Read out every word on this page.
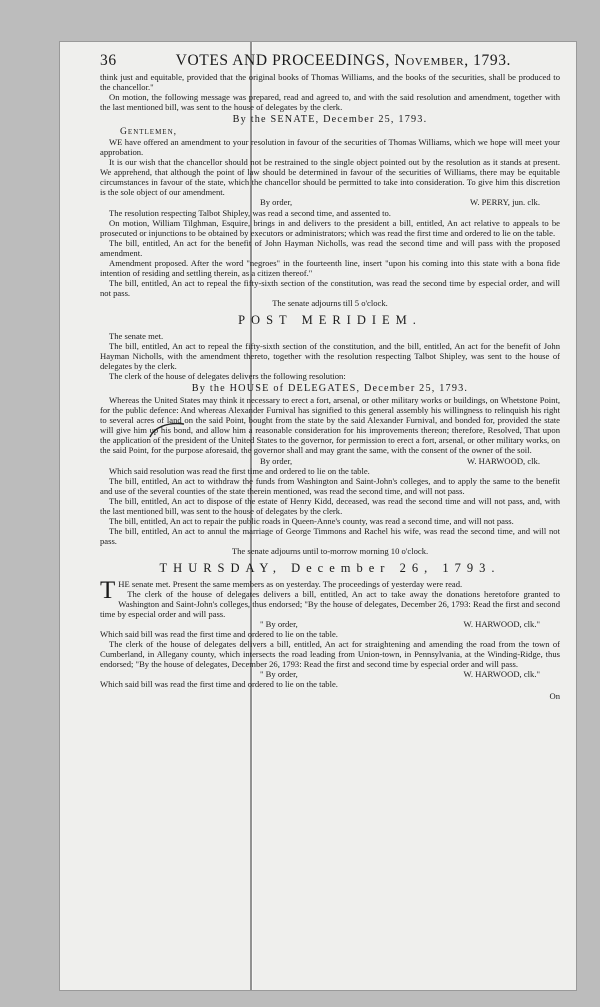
36	VOTES AND PROCEEDINGS, November, 1793.

think just and equitable, provided that the original books of Thomas Williams, and the books of the securities, shall be produced to the chancellor."

On motion, the following message was prepared, read and agreed to, and with the said resolution and amendment, together with the last mentioned bill, was sent to the house of delegates by the clerk.

By the SENATE, December 25, 1793.
Gentlemen,

WE have offered an amendment to your resolution in favour of the securities of Thomas Williams, which we hope will meet your approbation.

It is our wish that the chancellor should not be restrained to the single object pointed out by the resolution as it stands at present. We apprehend, that although the point of law should be determined in favour of the securities of Williams, there may be equitable circumstances in favour of the state, which the chancellor should be permitted to take into consideration. To give him this discretion is the sole object of our amendment.

By order,	W. PERRY, jun. clk.

The resolution respecting Talbot Shipley, was read a second time, and assented to.

On motion, William Tilghman, Esquire, brings in and delivers to the president a bill, entitled, An act relative to appeals to be prosecuted or injunctions to be obtained by executors or administrators; which was read the first time and ordered to lie on the table.

The bill, entitled, An act for the benefit of John Hayman Nicholls, was read the second time and will pass with the proposed amendment.

Amendment proposed. After the word "negroes" in the fourteenth line, insert "upon his coming into this state with a bona fide intention of residing and settling therein, as a citizen thereof."

The bill, entitled, An act to repeal the fifty-sixth section of the constitution, was read the second time by especial order, and will not pass.

The senate adjourns till 5 o'clock.

POST MERIDIEM.

The senate met.

The bill, entitled, An act to repeal the fifty-sixth section of the constitution, and the bill, entitled, An act for the benefit of John Hayman Nicholls, with the amendment thereto, together with the resolution respecting Talbot Shipley, was sent to the house of delegates by the clerk.

The clerk of the house of delegates delivers the following resolution:

By the HOUSE of DELEGATES, December 25, 1793.

Whereas the United States may think it necessary to erect a fort, arsenal, or other military works or buildings, on Whetstone Point, for the public defence: And whereas Alexander Furnival has signified to this general assembly his willingness to relinquish his right to several acres of land on the said Point, bought from the state by the said Alexander Furnival, and bonded for, provided the state will give him up his bond, and allow him a reasonable consideration for his improvements thereon; therefore, Resolved, That upon the application of the president of the United States to the governor, for permission to erect a fort, arsenal, or other military works, on the said Point, for the purpose aforesaid, the governor shall and may grant the same, with the consent of the owner of the soil.

By order,	W. HARWOOD, clk.

Which said resolution was read the first time and ordered to lie on the table.

The bill, entitled, An act to withdraw the funds from Washington and Saint-John's colleges, and to apply the same to the benefit and use of the several counties of the state therein mentioned, was read the second time, and will not pass.

The bill, entitled, An act to dispose of the estate of Henry Kidd, deceased, was read the second time and will not pass, and, with the last mentioned bill, was sent to the house of delegates by the clerk.

The bill, entitled, An act to repair the public roads in Queen-Anne's county, was read a second time, and will not pass.

The bill, entitled, An act to annul the marriage of George Timmons and Rachel his wife, was read the second time, and will not pass.

The senate adjourns until to-morrow morning 10 o'clock.

THURSDAY, December 26, 1793.

THE senate met. Present the same members as on yesterday. The proceedings of yesterday were read.

The clerk of the house of delegates delivers a bill, entitled, An act to take away the donations heretofore granted to Washington and Saint-John's colleges, thus endorsed; "By the house of delegates, December 26, 1793: Read the first and second time by especial order and will pass.

" By order,	W. HARWOOD, clk."

Which said bill was read the first time and ordered to lie on the table.

The clerk of the house of delegates delivers a bill, entitled, An act for straightening and amending the road from the town of Cumberland, in Allegany county, which intersects the road leading from Union-town, in Pennsylvania, at the Winding-Ridge, thus endorsed; "By the house of delegates, December 26, 1793: Read the first and second time by especial order and will pass.

" By order,	W. HARWOOD, clk."

Which said bill was read the first time and ordered to lie on the table.

On
